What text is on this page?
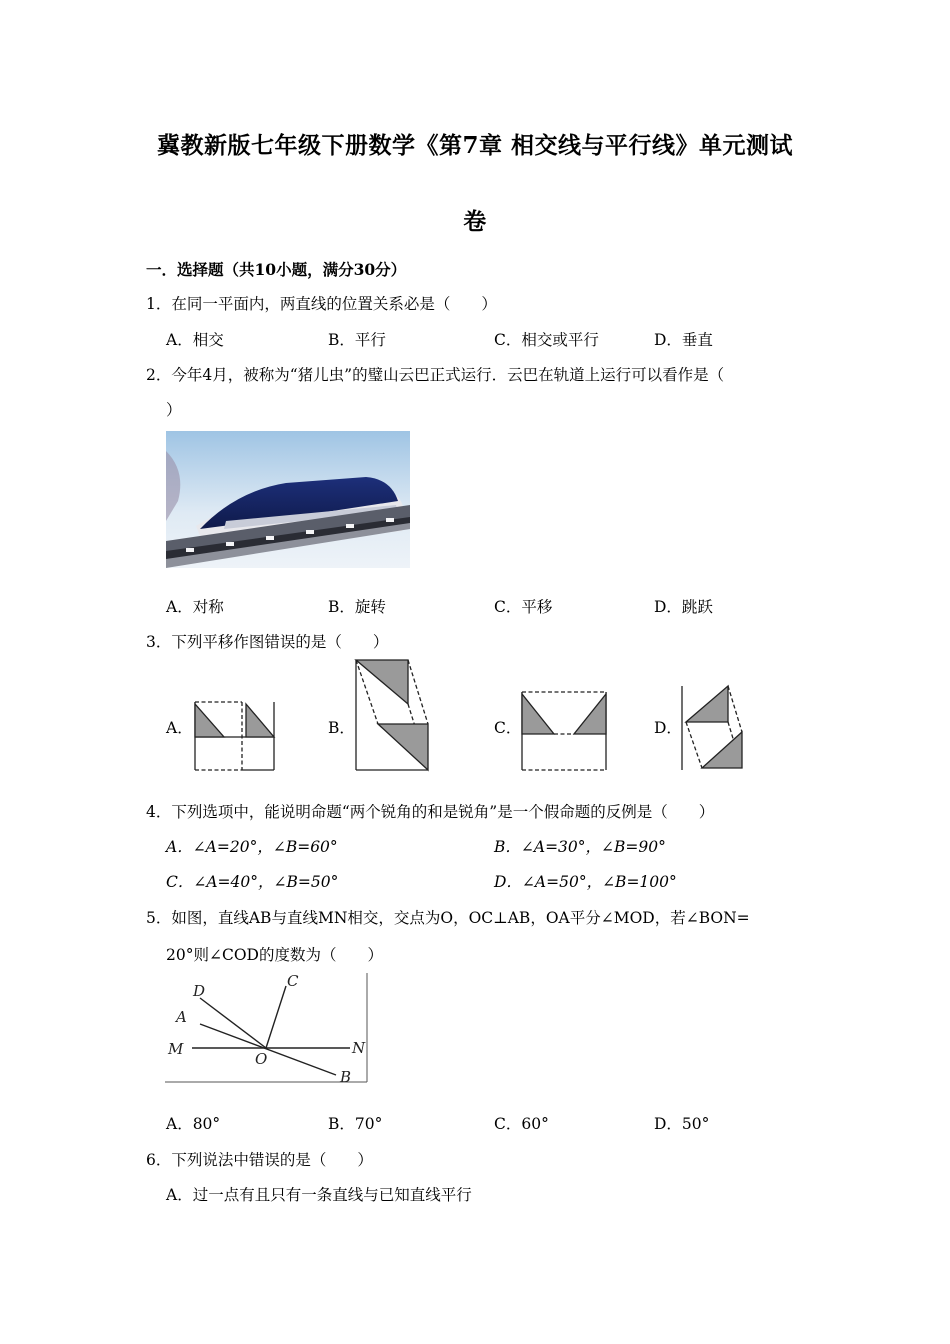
冀教新版七年级下册数学《第7章 相交线与平行线》单元测试
卷
一．选择题（共10小题，满分30分）
1．在同一平面内，两直线的位置关系必是（　　）
A．相交	B．平行	C．相交或平行	D．垂直
2．今年4月，被称为“猪儿虫”的璧山云巴正式运行．云巴在轨道上运行可以看作是（
）
A．对称	B．旋转	C．平移	D．跳跃
3．下列平移作图错误的是（　　）
A．	B．	C．	D．
4．下列选项中，能说明命题“两个锐角的和是锐角”是一个假命题的反例是（　　）
A．∠A=20°，∠B=60°	B．∠A=30°，∠B=90°
C．∠A=40°，∠B=50°	D．∠A=50°，∠B=100°
5．如图，直线AB与直线MN相交，交点为O，OC⊥AB，OA平分∠MOD，若∠BON=
20°则∠COD的度数为（　　）
D
C
A
M
O
N
B
A．80°	B．70°	C．60°	D．50°
6．下列说法中错误的是（　　）
A．过一点有且只有一条直线与已知直线平行
